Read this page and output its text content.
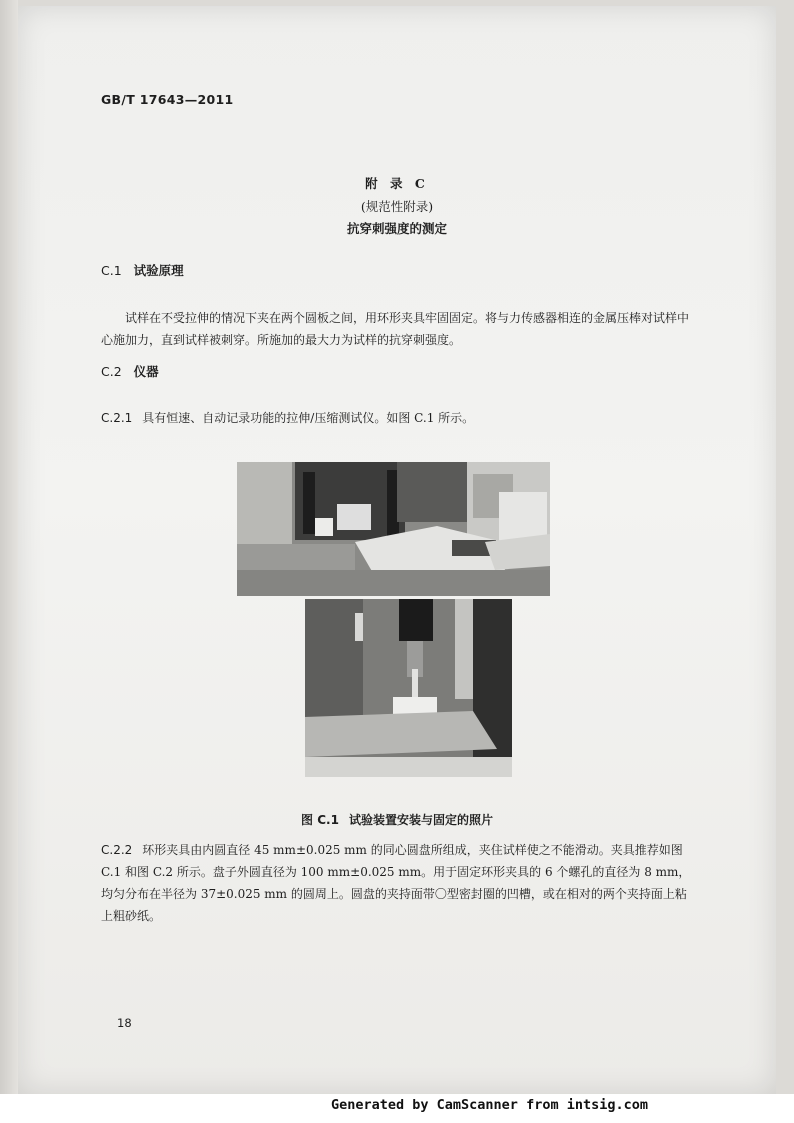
GB/T 17643—2011
附 录 C
(规范性附录)
抗穿刺强度的测定
C.1 试验原理
试样在不受拉伸的情况下夹在两个圆板之间，用环形夹具牢固固定。将与力传感器相连的金属压棒对试样中心施加力，直到试样被刺穿。所施加的最大力为试样的抗穿刺强度。
C.2 仪器
C.2.1 具有恒速、自动记录功能的拉伸/压缩测试仪。如图 C.1 所示。
图 C.1 试验装置安装与固定的照片
C.2.2 环形夹具由内圆直径 45 mm±0.025 mm 的同心圆盘所组成，夹住试样使之不能滑动。夹具推荐如图 C.1 和图 C.2 所示。盘子外圆直径为 100 mm±0.025 mm。用于固定环形夹具的 6 个螺孔的直径为 8 mm，均匀分布在半径为 37±0.025 mm 的圆周上。圆盘的夹持面带〇型密封圈的凹槽，或在相对的两个夹持面上粘上粗砂纸。
18
Generated by CamScanner from intsig.com
